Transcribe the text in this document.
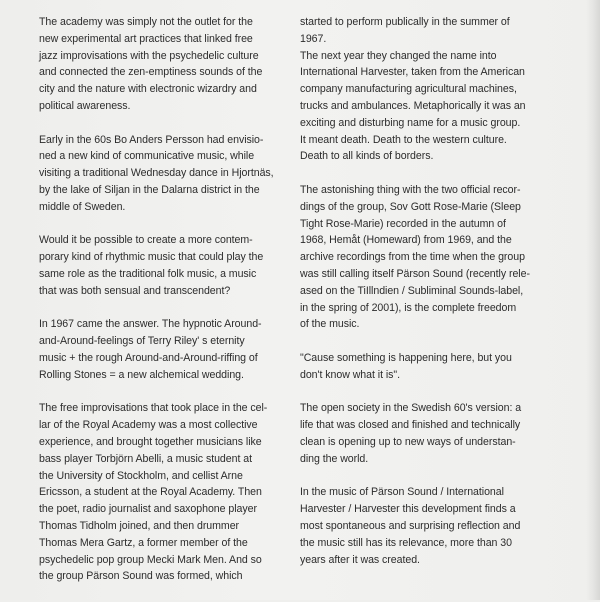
The academy was simply not the outlet for the
new experimental art practices that linked free
jazz improvisations with the psychedelic culture
and connected the zen-emptiness sounds of the
city and the nature with electronic wizardry and
political awareness.

Early in the 60s Bo Anders Persson had envisio-
ned a new kind of communicative music, while
visiting a traditional Wednesday dance in Hjortnäs,
by the lake of Siljan in the Dalarna district in the
middle of Sweden.

Would it be possible to create a more contem-
porary kind of rhythmic music that could play the
same role as the traditional folk music, a music
that was both sensual and transcendent?

In 1967 came the answer. The hypnotic Around-
and-Around-feelings of Terry Riley' s eternity
music + the rough Around-and-Around-riffing of
Rolling Stones = a new alchemical wedding.

The free improvisations that took place in the cel-
lar of the Royal Academy was a most collective
experience, and brought together musicians like
bass player Torbjörn Abelli, a music student at
the University of Stockholm, and cellist Arne
Ericsson, a student at the Royal Academy. Then
the poet, radio journalist and saxophone player
Thomas Tidholm joined, and then drummer
Thomas Mera Gartz, a former member of the
psychedelic pop group Mecki Mark Men. And so
the group Pärson Sound was formed, which

started to perform publically in the summer of
1967.
The next year they changed the name into
International Harvester, taken from the American
company manufacturing agricultural machines,
trucks and ambulances. Metaphorically it was an
exciting and disturbing name for a music group.
It meant death. Death to the western culture.
Death to all kinds of borders.

The astonishing thing with the two official recor-
dings of the group, Sov Gott Rose-Marie (Sleep
Tight Rose-Marie) recorded in the autumn of
1968, Hemåt (Homeward) from 1969, and the
archive recordings from the time when the group
was still calling itself Pärson Sound (recently rele-
ased on the TiIllndien / Subliminal Sounds-label,
in the spring of 2001), is the complete freedom
of the music.

"Cause something is happening here, but you
don't know what it is".

The open society in the Swedish 60's version: a
life that was closed and finished and technically
clean is opening up to new ways of understan-
ding the world.

In the music of Pärson Sound / International
Harvester / Harvester this development finds a
most spontaneous and surprising reflection and
the music still has its relevance, more than 30
years after it was created.
